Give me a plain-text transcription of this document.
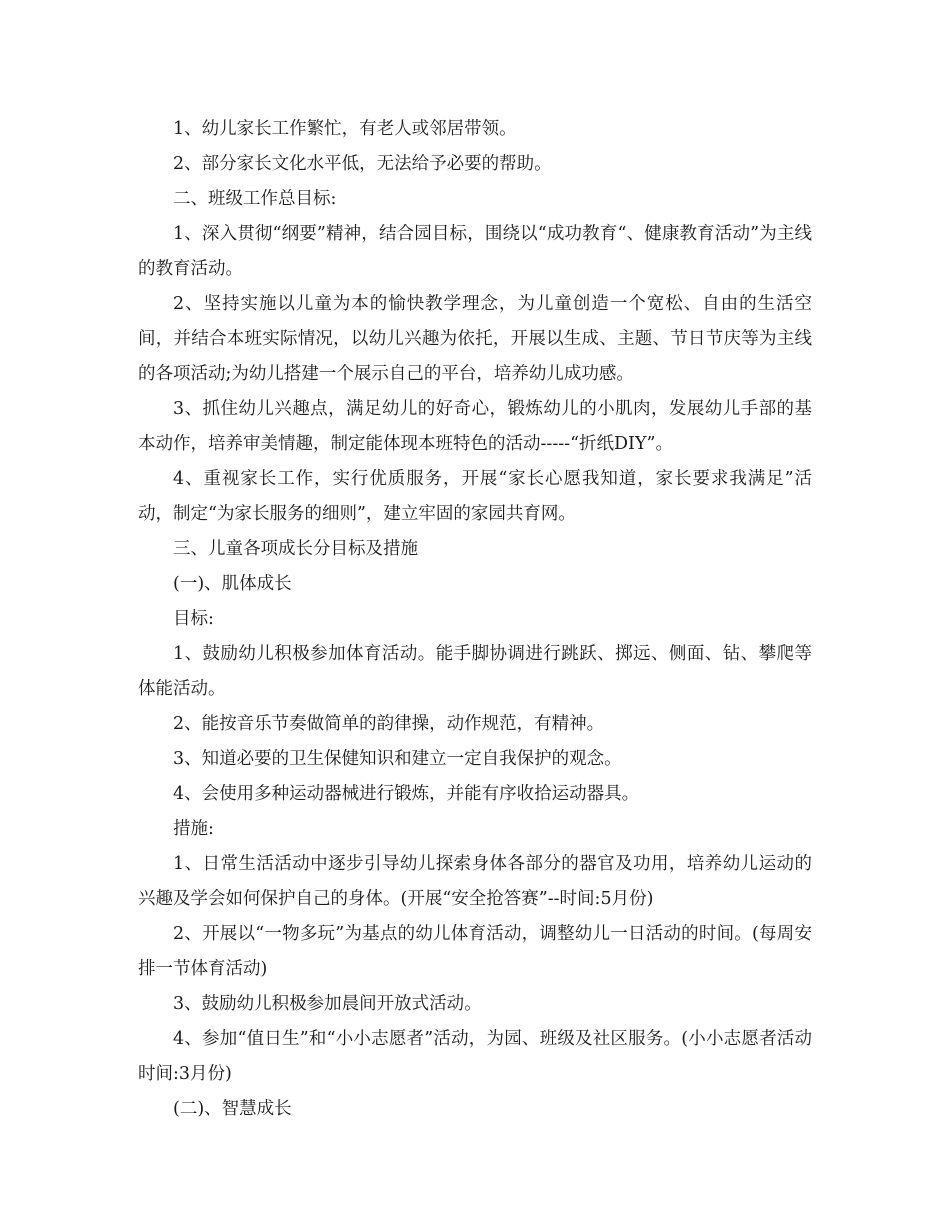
1、幼儿家长工作繁忙，有老人或邻居带领。

2、部分家长文化水平低，无法给予必要的帮助。

二、班级工作总目标:

1、深入贯彻“纲要”精神，结合园目标，围绕以“成功教育“、健康教育活动”为主线的教育活动。

2、坚持实施以儿童为本的愉快教学理念，为儿童创造一个宽松、自由的生活空间，并结合本班实际情况，以幼儿兴趣为依托，开展以生成、主题、节日节庆等为主线的各项活动;为幼儿搭建一个展示自己的平台，培养幼儿成功感。

3、抓住幼儿兴趣点，满足幼儿的好奇心，锻炼幼儿的小肌肉，发展幼儿手部的基本动作，培养审美情趣，制定能体现本班特色的活动-----“折纸DIY”。

4、重视家长工作，实行优质服务，开展“家长心愿我知道，家长要求我满足”活动，制定“为家长服务的细则”，建立牢固的家园共育网。

三、儿童各项成长分目标及措施

(一)、肌体成长

目标:

1、鼓励幼儿积极参加体育活动。能手脚协调进行跳跃、掷远、侧面、钻、攀爬等体能活动。

2、能按音乐节奏做简单的韵律操，动作规范，有精神。

3、知道必要的卫生保健知识和建立一定自我保护的观念。

4、会使用多种运动器械进行锻炼，并能有序收拾运动器具。

措施:

1、日常生活活动中逐步引导幼儿探索身体各部分的器官及功用，培养幼儿运动的兴趣及学会如何保护自己的身体。(开展“安全抢答赛”--时间:5月份)

2、开展以“一物多玩”为基点的幼儿体育活动，调整幼儿一日活动的时间。(每周安排一节体育活动)

3、鼓励幼儿积极参加晨间开放式活动。

4、参加“值日生”和“小小志愿者”活动，为园、班级及社区服务。(小小志愿者活动时间:3月份)

(二)、智慧成长
